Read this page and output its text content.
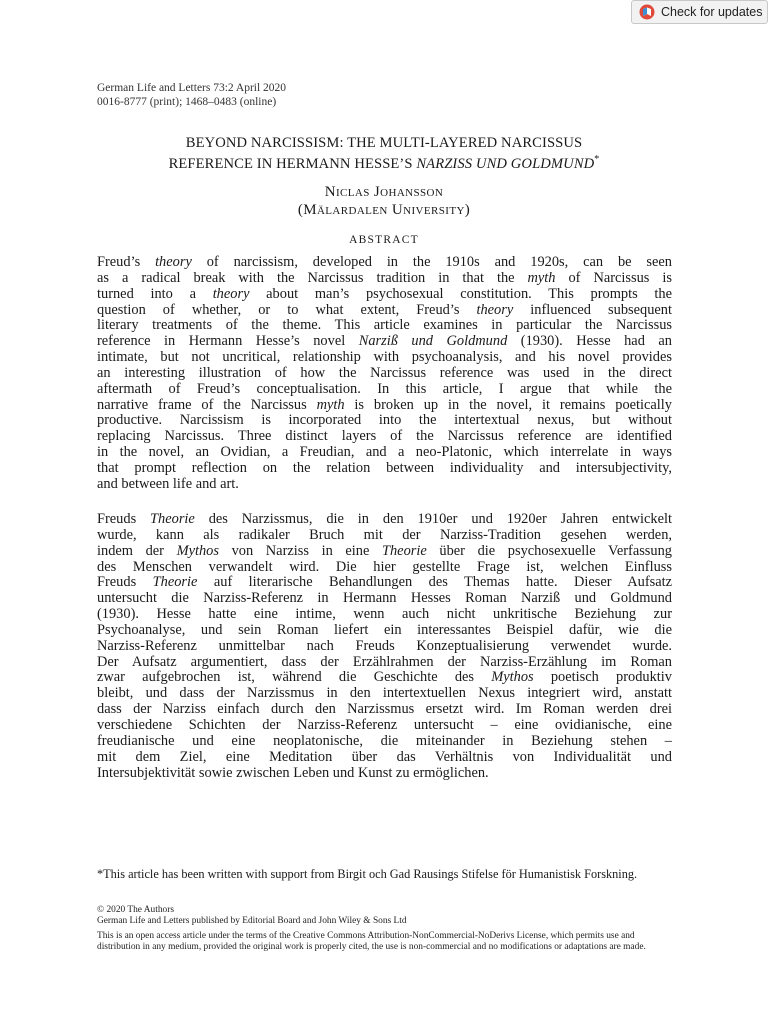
Check for updates
German Life and Letters 73:2 April 2020
0016-8777 (print); 1468–0483 (online)
BEYOND NARCISSISM: THE MULTI-LAYERED NARCISSUS
REFERENCE IN HERMANN HESSE’S NARZISS UND GOLDMUND*
Niclas Johansson
(Mälardalen University)
ABSTRACT
Freud’s theory of narcissism, developed in the 1910s and 1920s, can be seen
as a radical break with the Narcissus tradition in that the myth of Narcissus is
turned into a theory about man’s psychosexual constitution. This prompts the
question of whether, or to what extent, Freud’s theory influenced subsequent
literary treatments of the theme. This article examines in particular the Narcissus
reference in Hermann Hesse’s novel Narziß und Goldmund (1930). Hesse had an
intimate, but not uncritical, relationship with psychoanalysis, and his novel provides
an interesting illustration of how the Narcissus reference was used in the direct
aftermath of Freud’s conceptualisation. In this article, I argue that while the
narrative frame of the Narcissus myth is broken up in the novel, it remains poetically
productive. Narcissism is incorporated into the intertextual nexus, but without
replacing Narcissus. Three distinct layers of the Narcissus reference are identified
in the novel, an Ovidian, a Freudian, and a neo-Platonic, which interrelate in ways
that prompt reflection on the relation between individuality and intersubjectivity,
and between life and art.
Freuds Theorie des Narzissmus, die in den 1910er und 1920er Jahren entwickelt
wurde, kann als radikaler Bruch mit der Narziss-Tradition gesehen werden,
indem der Mythos von Narziss in eine Theorie über die psychosexuelle Verfassung
des Menschen verwandelt wird. Die hier gestellte Frage ist, welchen Einfluss
Freuds Theorie auf literarische Behandlungen des Themas hatte. Dieser Aufsatz
untersucht die Narziss-Referenz in Hermann Hesses Roman Narziß und Goldmund
(1930). Hesse hatte eine intime, wenn auch nicht unkritische Beziehung zur
Psychoanalyse, und sein Roman liefert ein interessantes Beispiel dafür, wie die
Narziss-Referenz unmittelbar nach Freuds Konzeptualisierung verwendet wurde.
Der Aufsatz argumentiert, dass der Erzählrahmen der Narziss-Erzählung im Roman
zwar aufgebrochen ist, während die Geschichte des Mythos poetisch produktiv
bleibt, und dass der Narzissmus in den intertextuellen Nexus integriert wird, anstatt
dass der Narziss einfach durch den Narzissmus ersetzt wird. Im Roman werden drei
verschiedene Schichten der Narziss-Referenz untersucht – eine ovidianische, eine
freudianische und eine neoplatonische, die miteinander in Beziehung stehen –
mit dem Ziel, eine Meditation über das Verhältnis von Individualität und
Intersubjektivität sowie zwischen Leben und Kunst zu ermöglichen.
*This article has been written with support from Birgit och Gad Rausings Stifelse för Humanistisk Forskning.
© 2020 The Authors
German Life and Letters published by Editorial Board and John Wiley & Sons Ltd
This is an open access article under the terms of the Creative Commons Attribution-NonCommercial-NoDerivs License, which permits use and distribution in any medium, provided the original work is properly cited, the use is non-commercial and no modifications or adaptations are made.
